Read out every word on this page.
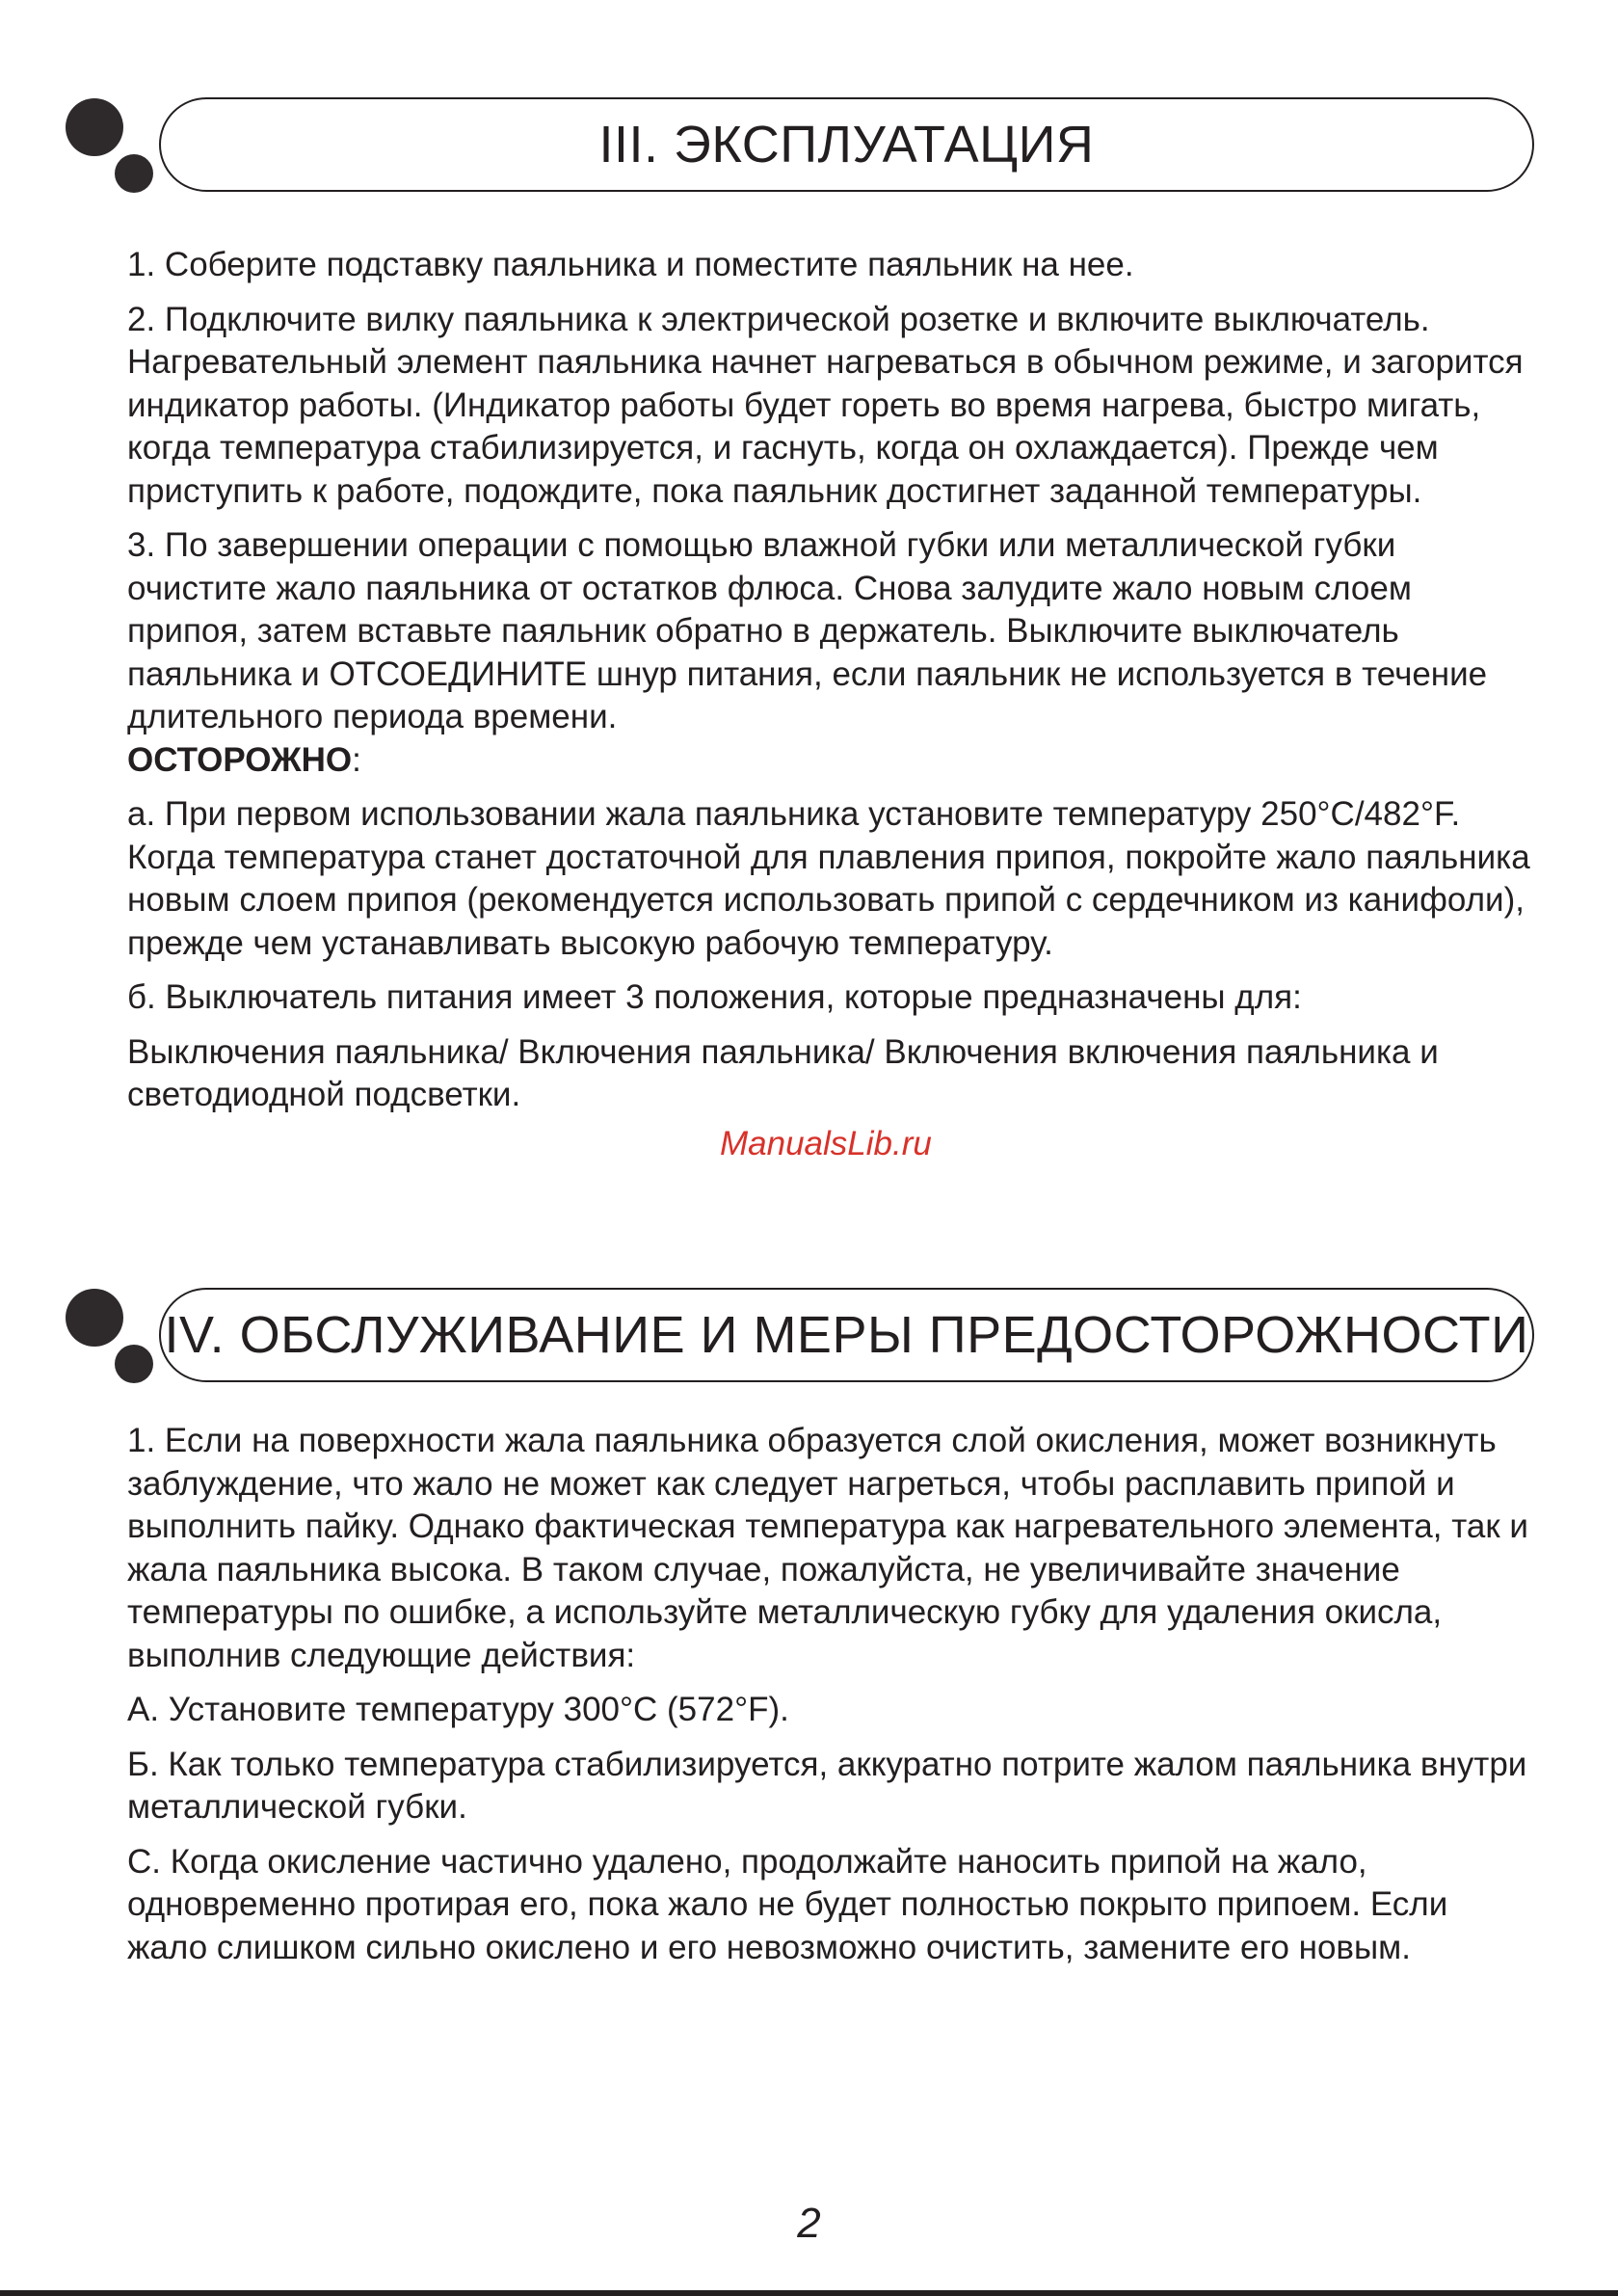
III. ЭКСПЛУАТАЦИЯ

1. Соберите подставку паяльника и поместите паяльник на нее.

2. Подключите вилку паяльника к электрической розетке и включите выключатель. Нагревательный элемент паяльника начнет нагреваться в обычном режиме, и загорится индикатор работы. (Индикатор работы будет гореть во время нагрева, быстро мигать, когда температура стабилизируется, и гаснуть, когда он охлаждается). Прежде чем приступить к работе, подождите, пока паяльник достигнет заданной температуры.

3. По завершении операции с помощью влажной губки или металлической губки очистите жало паяльника от остатков флюса. Снова залудите жало новым слоем припоя, затем вставьте паяльник обратно в держатель. Выключите выключатель паяльника и ОТСОЕДИНИТЕ шнур питания, если паяльник не используется в течение длительного периода времени.

ОСТОРОЖНО:

a. При первом использовании жала паяльника установите температуру 250°C/482°F. Когда температура станет достаточной для плавления припоя, покройте жало паяльника новым слоем припоя (рекомендуется использовать припой с сердечником из канифоли), прежде чем устанавливать высокую рабочую температуру.

б. Выключатель питания имеет 3 положения, которые предназначены для:

Выключения паяльника/ Включения паяльника/ Включения включения паяльника и светодиодной подсветки.

ManualsLib.ru
IV. ОБСЛУЖИВАНИЕ И МЕРЫ ПРЕДОСТОРОЖНОСТИ

1. Если на поверхности жала паяльника образуется слой окисления, может возникнуть заблуждение, что жало не может как следует нагреться, чтобы расплавить припой и выполнить пайку. Однако фактическая температура как нагревательного элемента, так и жала паяльника высока. В таком случае, пожалуйста, не увеличивайте значение температуры по ошибке, а используйте металлическую губку для удаления окисла, выполнив следующие действия:

A. Установите температуру 300°C (572°F).

Б. Как только температура стабилизируется, аккуратно потрите жалом паяльника внутри металлической губки.

C. Когда окисление частично удалено, продолжайте наносить припой на жало, одновременно протирая его, пока жало не будет полностью покрыто припоем. Если жало слишком сильно окислено и его невозможно очистить, замените его новым.

2
